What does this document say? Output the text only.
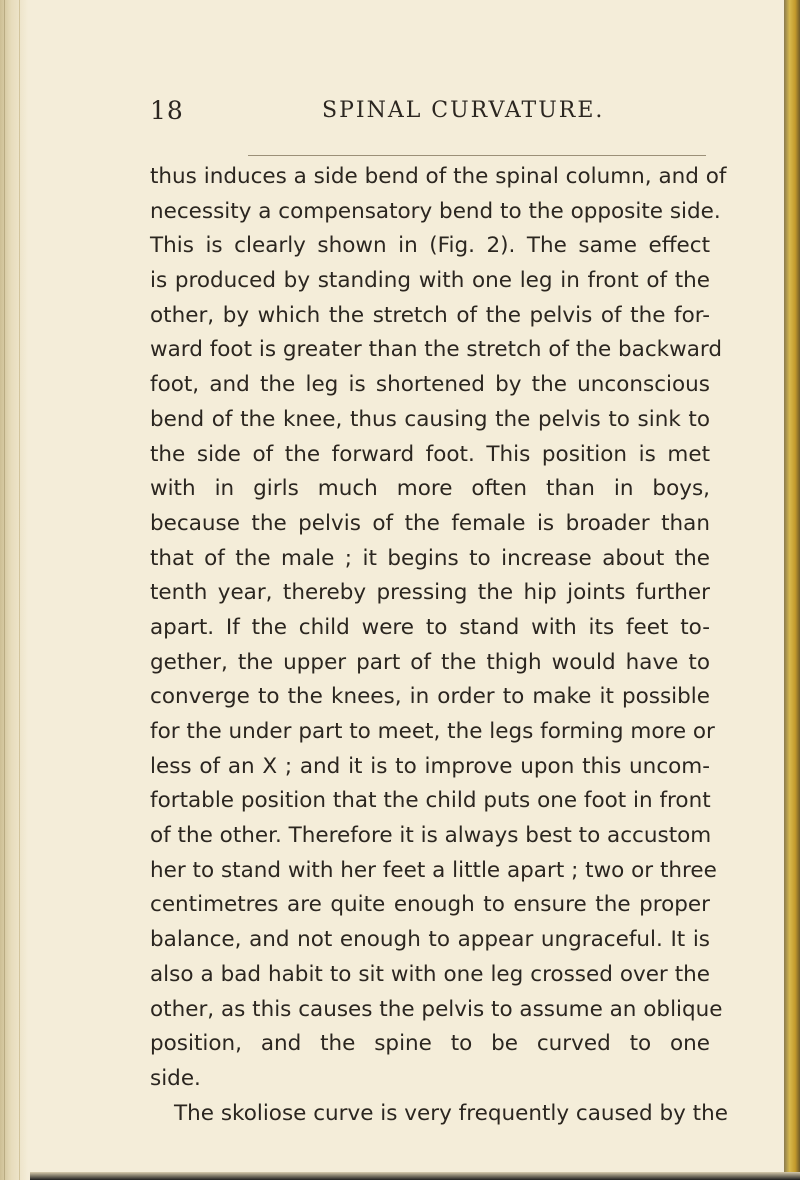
18	SPINAL CURVATURE.
thus induces a side bend of the spinal column, and of
necessity a compensatory bend to the opposite side.
This is clearly shown in (Fig. 2). The same effect
is produced by standing with one leg in front of the
other, by which the stretch of the pelvis of the for-
ward foot is greater than the stretch of the backward
foot, and the leg is shortened by the unconscious
bend of the knee, thus causing the pelvis to sink to
the side of the forward foot. This position is met
with in girls much more often than in boys,
because the pelvis of the female is broader than
that of the male ; it begins to increase about the
tenth year, thereby pressing the hip joints further
apart. If the child were to stand with its feet to-
gether, the upper part of the thigh would have to
converge to the knees, in order to make it possible
for the under part to meet, the legs forming more or
less of an X ; and it is to improve upon this uncom-
fortable position that the child puts one foot in front
of the other. Therefore it is always best to accustom
her to stand with her feet a little apart ; two or three
centimetres are quite enough to ensure the proper
balance, and not enough to appear ungraceful. It is
also a bad habit to sit with one leg crossed over the
other, as this causes the pelvis to assume an oblique
position, and the spine to be curved to one
side.
The skoliose curve is very frequently caused by the
